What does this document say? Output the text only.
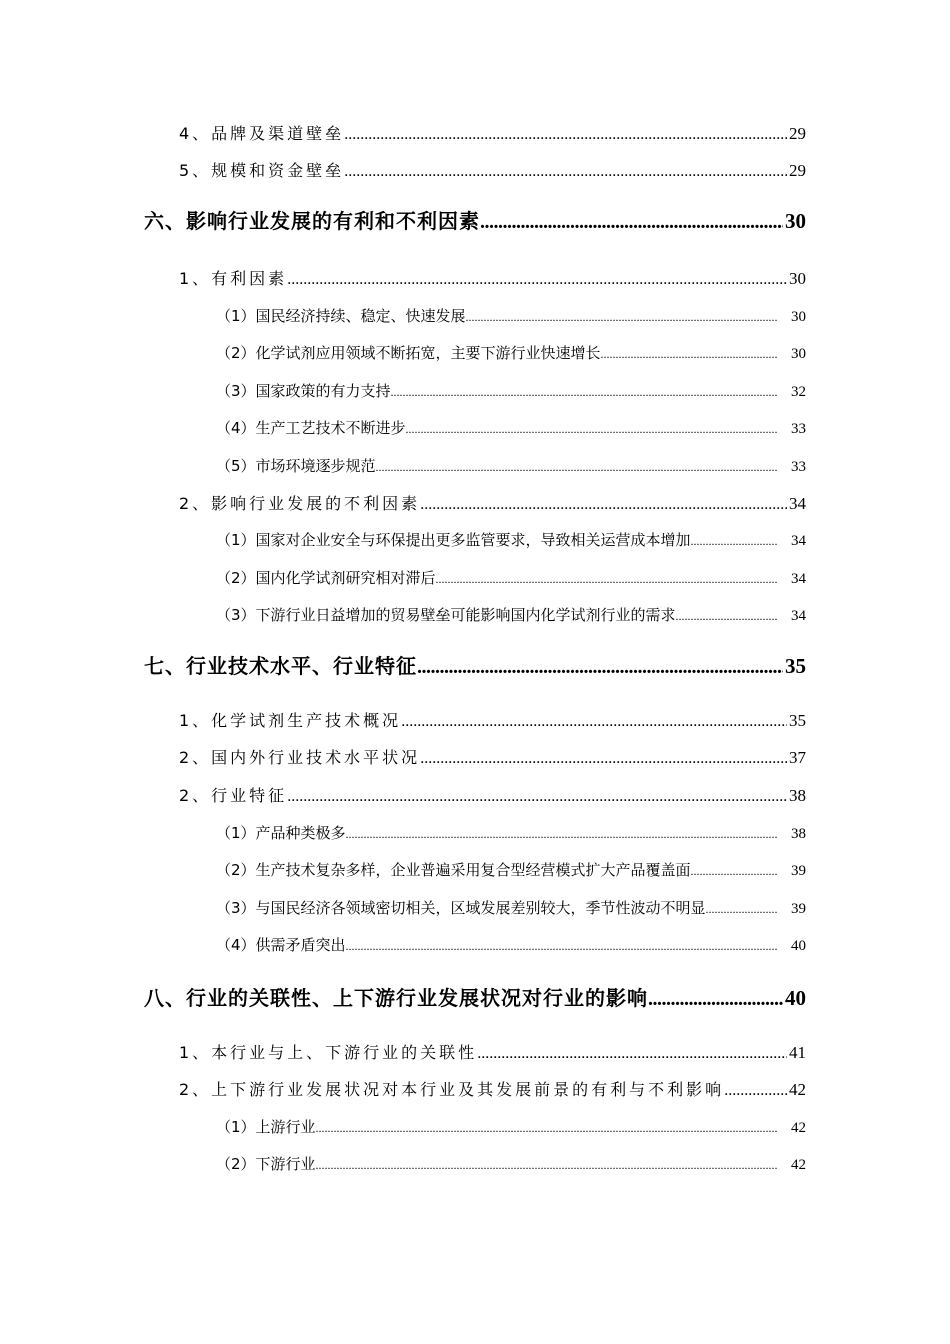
4、品牌及渠道壁垒 .....	29
5、规模和资金壁垒 .....	29
六、影响行业发展的有利和不利因素 .....	30
1、有利因素 .....	30
（1）国民经济持续、稳定、快速发展 .....	30
（2）化学试剂应用领域不断拓宽，主要下游行业快速增长 .....	30
（3）国家政策的有力支持 .....	32
（4）生产工艺技术不断进步 .....	33
（5）市场环境逐步规范 .....	33
2、影响行业发展的不利因素 .....	34
（1）国家对企业安全与环保提出更多监管要求，导致相关运营成本增加 .....	34
（2）国内化学试剂研究相对滞后 .....	34
（3）下游行业日益增加的贸易壁垒可能影响国内化学试剂行业的需求 .....	34
七、行业技术水平、行业特征 .....	35
1、化学试剂生产技术概况 .....	35
2、国内外行业技术水平状况 .....	37
2、行业特征 .....	38
（1）产品种类极多 .....	38
（2）生产技术复杂多样，企业普遍采用复合型经营模式扩大产品覆盖面 .....	39
（3）与国民经济各领域密切相关，区域发展差别较大，季节性波动不明显 .....	39
（4）供需矛盾突出 .....	40
八、行业的关联性、上下游行业发展状况对行业的影响 .....	40
1、本行业与上、下游行业的关联性 .....	41
2、上下游行业发展状况对本行业及其发展前景的有利与不利影响 .....	42
（1）上游行业 .....	42
（2）下游行业 .....	42
